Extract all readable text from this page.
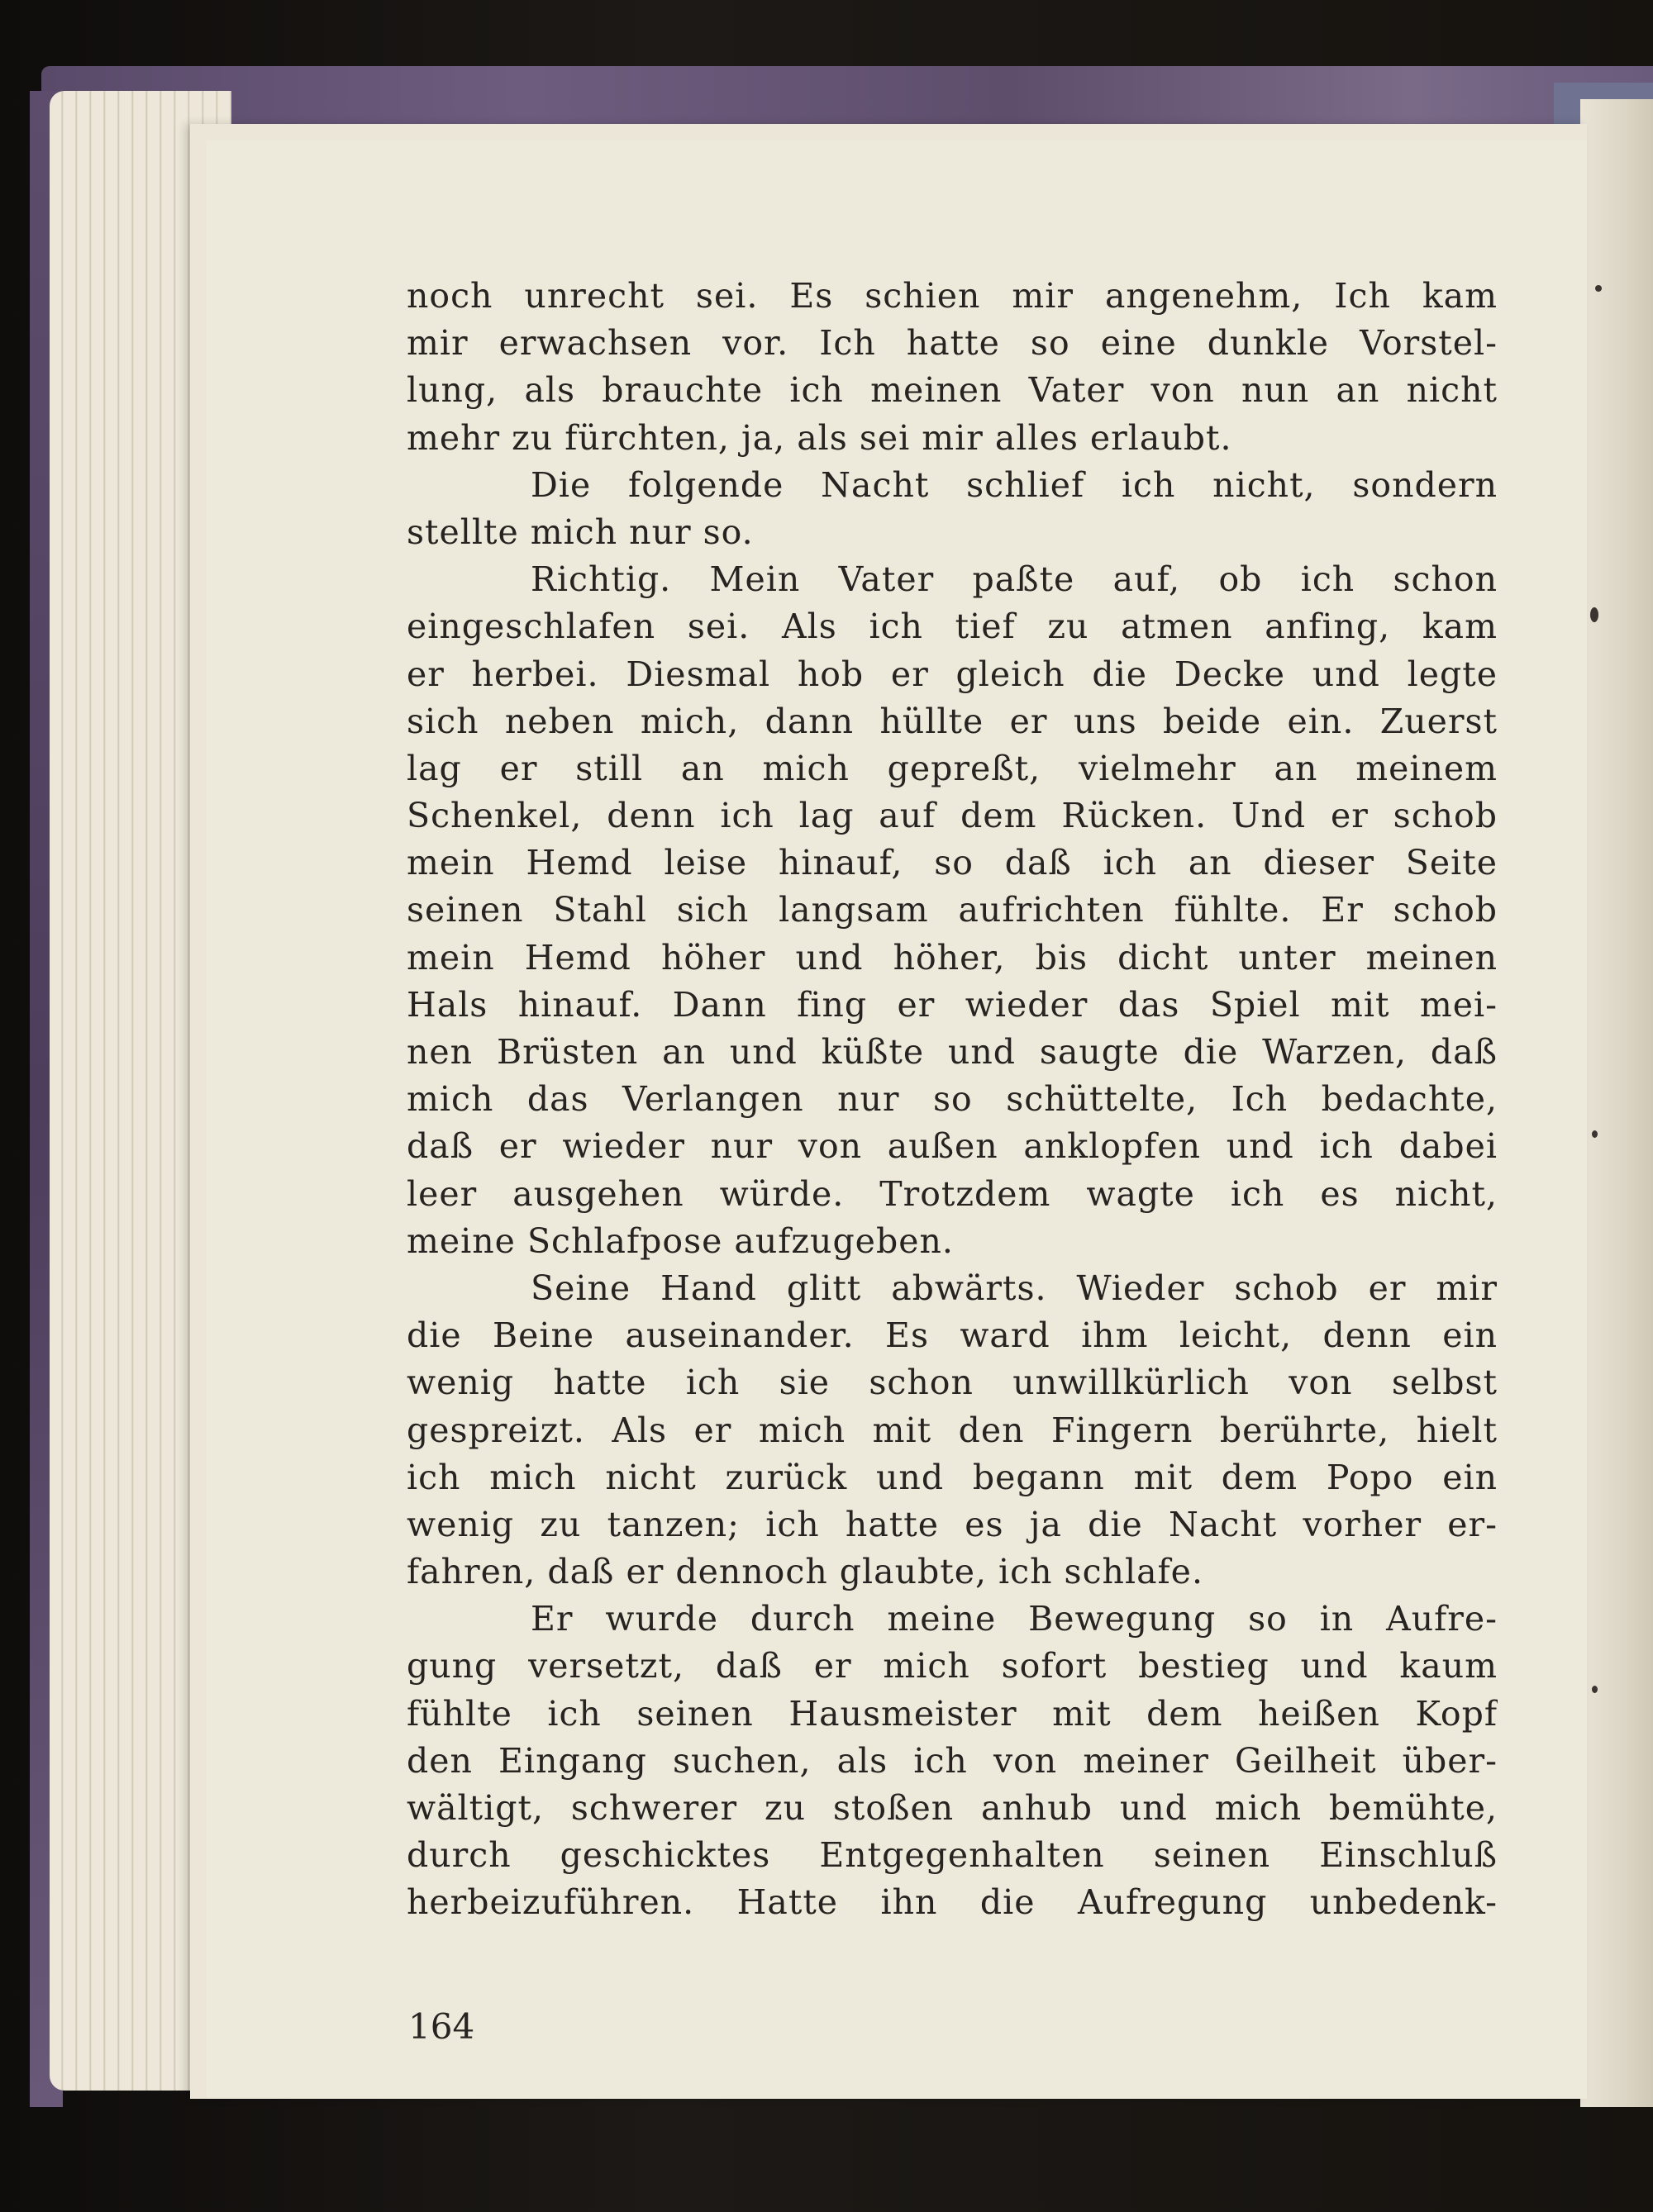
noch unrecht sei. Es schien mir angenehm, Ich kam
mir erwachsen vor. Ich hatte so eine dunkle Vorstel-
lung, als brauchte ich meinen Vater von nun an nicht
mehr zu fürchten, ja, als sei mir alles erlaubt.
Die folgende Nacht schlief ich nicht, sondern
stellte mich nur so.
Richtig. Mein Vater paßte auf, ob ich schon
eingeschlafen sei. Als ich tief zu atmen anfing, kam
er herbei. Diesmal hob er gleich die Decke und legte
sich neben mich, dann hüllte er uns beide ein. Zuerst
lag er still an mich gepreßt, vielmehr an meinem
Schenkel, denn ich lag auf dem Rücken. Und er schob
mein Hemd leise hinauf, so daß ich an dieser Seite
seinen Stahl sich langsam aufrichten fühlte. Er schob
mein Hemd höher und höher, bis dicht unter meinen
Hals hinauf. Dann fing er wieder das Spiel mit mei-
nen Brüsten an und küßte und saugte die Warzen, daß
mich das Verlangen nur so schüttelte, Ich bedachte,
daß er wieder nur von außen anklopfen und ich dabei
leer ausgehen würde. Trotzdem wagte ich es nicht,
meine Schlafpose aufzugeben.
Seine Hand glitt abwärts. Wieder schob er mir
die Beine auseinander. Es ward ihm leicht, denn ein
wenig hatte ich sie schon unwillkürlich von selbst
gespreizt. Als er mich mit den Fingern berührte, hielt
ich mich nicht zurück und begann mit dem Popo ein
wenig zu tanzen; ich hatte es ja die Nacht vorher er-
fahren, daß er dennoch glaubte, ich schlafe.
Er wurde durch meine Bewegung so in Aufre-
gung versetzt, daß er mich sofort bestieg und kaum
fühlte ich seinen Hausmeister mit dem heißen Kopf
den Eingang suchen, als ich von meiner Geilheit über-
wältigt, schwerer zu stoßen anhub und mich bemühte,
durch geschicktes Entgegenhalten seinen Einschluß
herbeizuführen. Hatte ihn die Aufregung unbedenk-
164
